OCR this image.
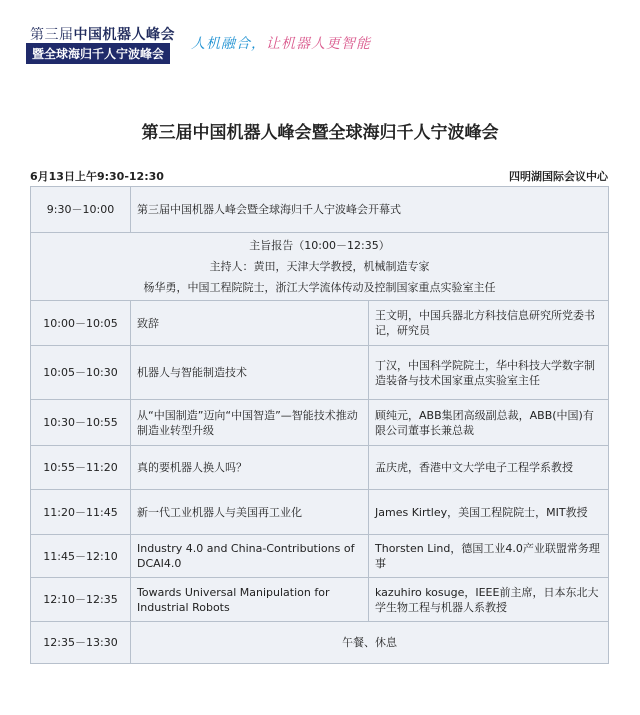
第三届中国机器人峰会
暨全球海归千人宁波峰会
人机融合，让机器人更智能
第三届中国机器人峰会暨全球海归千人宁波峰会
6月13日上午9:30-12:30	四明湖国际会议中心
9:30－10:00	第三届中国机器人峰会暨全球海归千人宁波峰会开幕式	

主旨报告（10:00－12:35）
主持人：黄田，天津大学教授，机械制造专家
杨华勇，中国工程院院士，浙江大学流体传动及控制国家重点实验室主任		

10:00－10:05	致辞	王文明，中国兵器北方科技信息研究所党委书记，研究员
10:05－10:30	机器人与智能制造技术	丁汉，中国科学院院士，华中科技大学数字制造装备与技术国家重点实验室主任
10:30－10:55	从“中国制造”迈向“中国智造”—智能技术推动制造业转型升级	顾纯元，ABB集团高级副总裁，ABB(中国)有限公司董事长兼总裁
10:55－11:20	真的要机器人换人吗？	孟庆虎，香港中文大学电子工程学系教授
11:20－11:45	新一代工业机器人与美国再工业化	James Kirtley，美国工程院院士，MIT教授
11:45－12:10	Industry 4.0 and China-Contributions of DCAI4.0	Thorsten Lind，德国工业4.0产业联盟常务理事
12:10－12:35	Towards Universal Manipulation for Industrial Robots	kazuhiro kosuge，IEEE前主席，日本东北大学生物工程与机器人系教授
12:35－13:30	午餐、休息	
